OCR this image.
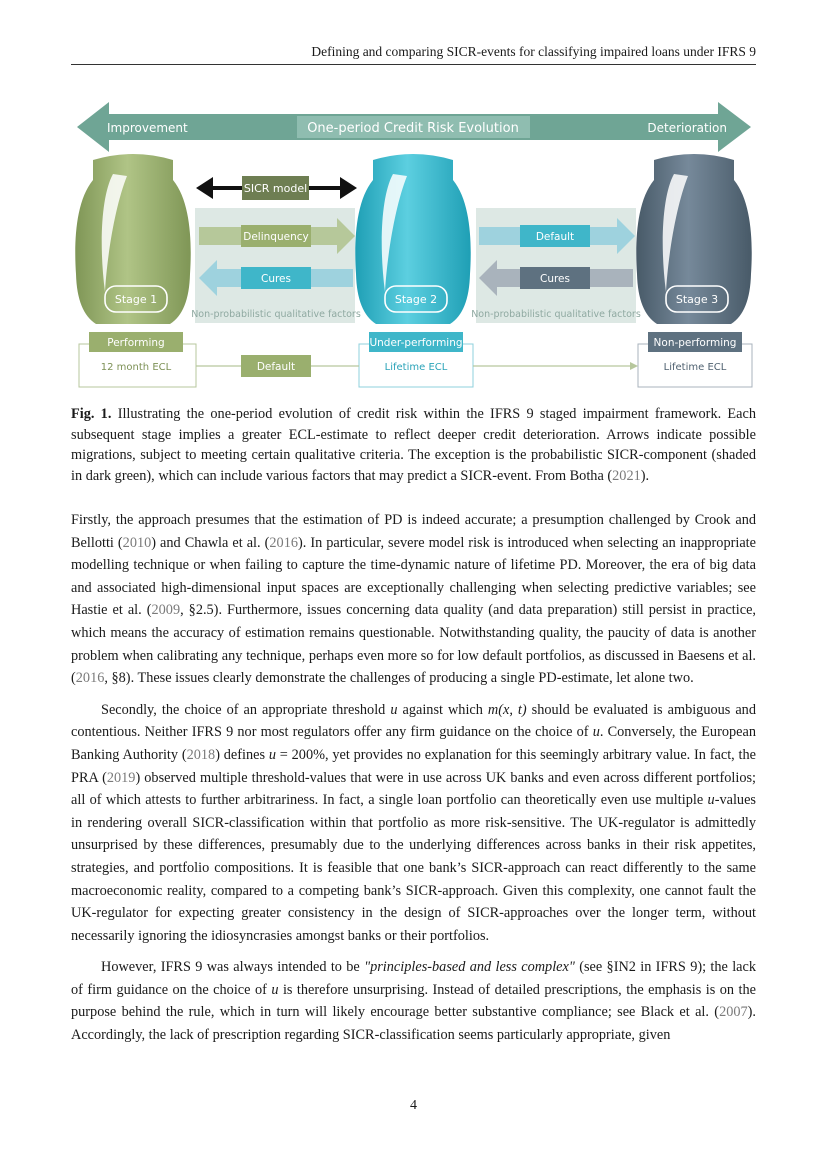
Defining and comparing SICR-events for classifying impaired loans under IFRS 9
Improvement	One-period Credit Risk Evolution	Deterioration
Stage 1	Stage 2	Stage 3
SICR model
Delinquency
Cures
Non-probabilistic qualitative factors
Default
Cures
Non-probabilistic qualitative factors
Performing
12 month ECL
Under-performing
Lifetime ECL
Non-performing
Lifetime ECL
Default
Fig. 1. Illustrating the one-period evolution of credit risk within the IFRS 9 staged impairment framework. Each subsequent stage implies a greater ECL-estimate to reflect deeper credit deterioration. Arrows indicate possible migrations, subject to meeting certain qualitative criteria. The exception is the probabilistic SICR-component (shaded in dark green), which can include various factors that may predict a SICR-event. From Botha (2021).

Firstly, the approach presumes that the estimation of PD is indeed accurate; a presumption challenged by Crook and Bellotti (2010) and Chawla et al. (2016). In particular, severe model risk is introduced when selecting an inappropriate modelling technique or when failing to capture the time-dynamic nature of lifetime PD. Moreover, the era of big data and associated high-dimensional input spaces are exceptionally challenging when selecting predictive variables; see Hastie et al. (2009, §2.5). Furthermore, issues concerning data quality (and data preparation) still persist in practice, which means the accuracy of estimation remains questionable. Notwithstanding quality, the paucity of data is another problem when calibrating any technique, perhaps even more so for low default portfolios, as discussed in Baesens et al. (2016, §8). These issues clearly demonstrate the challenges of producing a single PD-estimate, let alone two.

Secondly, the choice of an appropriate threshold u against which m(x, t) should be evaluated is ambiguous and contentious. Neither IFRS 9 nor most regulators offer any firm guidance on the choice of u. Conversely, the European Banking Authority (2018) defines u = 200%, yet provides no explanation for this seemingly arbitrary value. In fact, the PRA (2019) observed multiple threshold-values that were in use across UK banks and even across different portfolios; all of which attests to further arbitrariness. In fact, a single loan portfolio can theoretically even use multiple u-values in rendering overall SICR-classification within that portfolio as more risk-sensitive. The UK-regulator is admittedly unsurprised by these differences, presumably due to the underlying differences across banks in their risk appetites, strategies, and portfolio compositions. It is feasible that one bank’s SICR-approach can react differently to the same macroeconomic reality, compared to a competing bank’s SICR-approach. Given this complexity, one cannot fault the UK-regulator for expecting greater consistency in the design of SICR-approaches over the longer term, without necessarily ignoring the idiosyncrasies amongst banks or their portfolios.

However, IFRS 9 was always intended to be "principles-based and less complex" (see §IN2 in IFRS 9); the lack of firm guidance on the choice of u is therefore unsurprising. Instead of detailed prescriptions, the emphasis is on the purpose behind the rule, which in turn will likely encourage better substantive compliance; see Black et al. (2007). Accordingly, the lack of prescription regarding SICR-classification seems particularly appropriate, given

4
